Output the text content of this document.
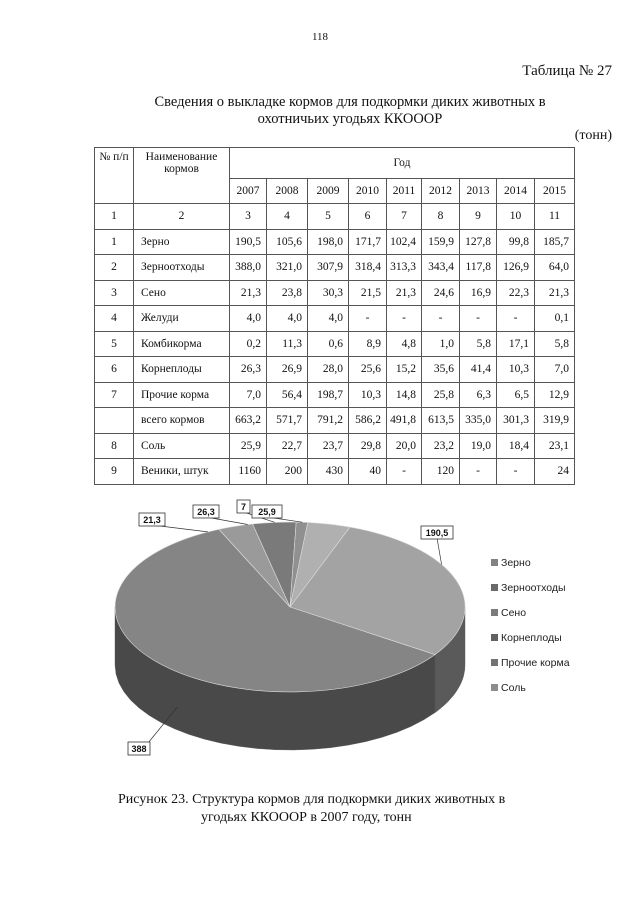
118
Таблица № 27
Сведения о выкладке кормов для подкормки диких животных в
охотничьих угодьях ККОООР
(тонн)
№ п/п	Наименование кормов	Год								
		2007	2008	2009	2010	2011	2012	2013	2014	2015
1	2	3	4	5	6	7	8	9	10	11
1	Зерно	190,5	105,6	198,0	171,7	102,4	159,9	127,8	99,8	185,7
2	Зерноотходы	388,0	321,0	307,9	318,4	313,3	343,4	117,8	126,9	64,0
3	Сено	21,3	23,8	30,3	21,5	21,3	24,6	16,9	22,3	21,3
4	Желуди	4,0	4,0	4,0	-	-	-	-	-	0,1
5	Комбикорма	0,2	11,3	0,6	8,9	4,8	1,0	5,8	17,1	5,8
6	Корнеплоды	26,3	26,9	28,0	25,6	15,2	35,6	41,4	10,3	7,0
7	Прочие корма	7,0	56,4	198,7	10,3	14,8	25,8	6,3	6,5	12,9
	всего кормов	663,2	571,7	791,2	586,2	491,8	613,5	335,0	301,3	319,9
8	Соль	25,9	22,7	23,7	29,8	20,0	23,2	19,0	18,4	23,1
9	Веники, штук	1160	200	430	40	-	120	-	-	24
190,5
388
21,3
26,3	7 25,9
Зерно
Зерноотходы
Сено
Корнеплоды
Прочие корма
Соль
Рисунок 23. Структура кормов для подкормки диких животных в
угодьях ККОООР в 2007 году, тонн
